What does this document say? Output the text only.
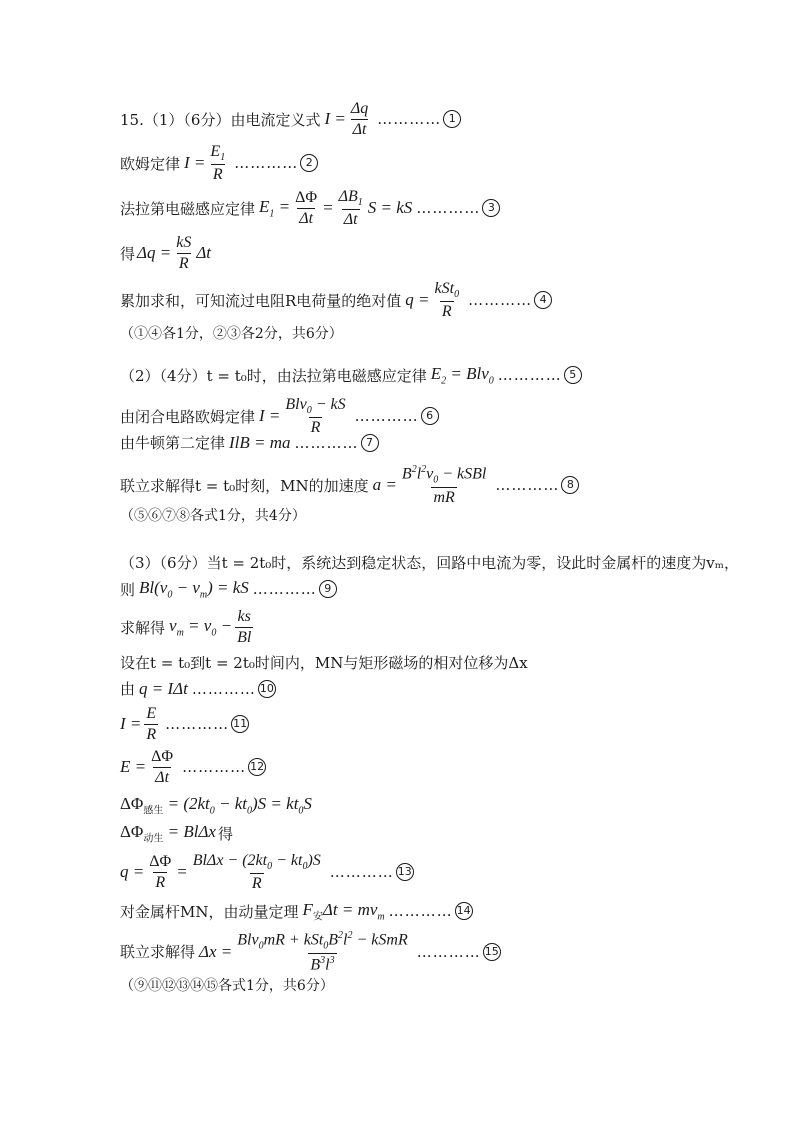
15.（1）（6分）由电流定义式 $I = \frac{\Delta q}{\Delta t}$ ………… 1
欧姆定律 $I = \frac{E_1}{R}$ ………… 2
法拉第电磁感应定律 $E_1 = \frac{\Delta\Phi}{\Delta t} = \frac{\Delta B_1}{\Delta t}$ S = kS ………… 3
得 $\Delta q = \frac{kS}{R}$ Δt
累加求和，可知流过电阻R电荷量的绝对值 $q = \frac{kSt_0}{R}$ ………… 4
（①④各1分，②③各2分，共6分）
（2）（4分）t = t₀时，由法拉第电磁感应定律 $E_2 = Blv_0$ ………… 5
由闭合电路欧姆定律 $I = \frac{Blv_0 - kS}{R}$ ………… 6
由牛顿第二定律 IlB = ma ………… 7
联立求解得t = t₀时刻，MN的加速度 $a = \frac{B^2l^2v_0 - kSBl}{mR}$ ………… 8
（⑤⑥⑦⑧各式1分，共4分）
（3）（6分）当t = 2t₀时，系统达到稳定状态，回路中电流为零，设此时金属杆的速度为vₘ，
则 $Bl(v_0 - v_m)$ = kS ………… 9
求解得 $v_m = v_0 - \frac{ks}{Bl}$
设在t = t₀到t = 2t₀时间内，MN与矩形磁场的相对位移为Δx
由 q = IΔt ………… 10
$I = \frac{E}{R}$ ………… 11
$E = \frac{\Delta\Phi}{\Delta t}$ ………… 12
$\Delta\Phi_{感生} = (2kt_0 - kt_0)S = kt_0S$
$\Delta\Phi_{动生} = Bl\Delta x$ 得
$q = \frac{\Delta\Phi}{R} = \frac{Bl\Delta x - (2kt_0 - kt_0)S}{R}$ ………… 13
对金属杆MN，由动量定理 $F_安\Delta t = mv_m$ ………… 14
联立求解得 $\Delta x = \frac{Blv_0mR + kSt_0B^2l^2 - kSmR}{B^3l^3}$ ………… 15
（⑨⑪⑫⑬⑭⑮各式1分，共6分）
